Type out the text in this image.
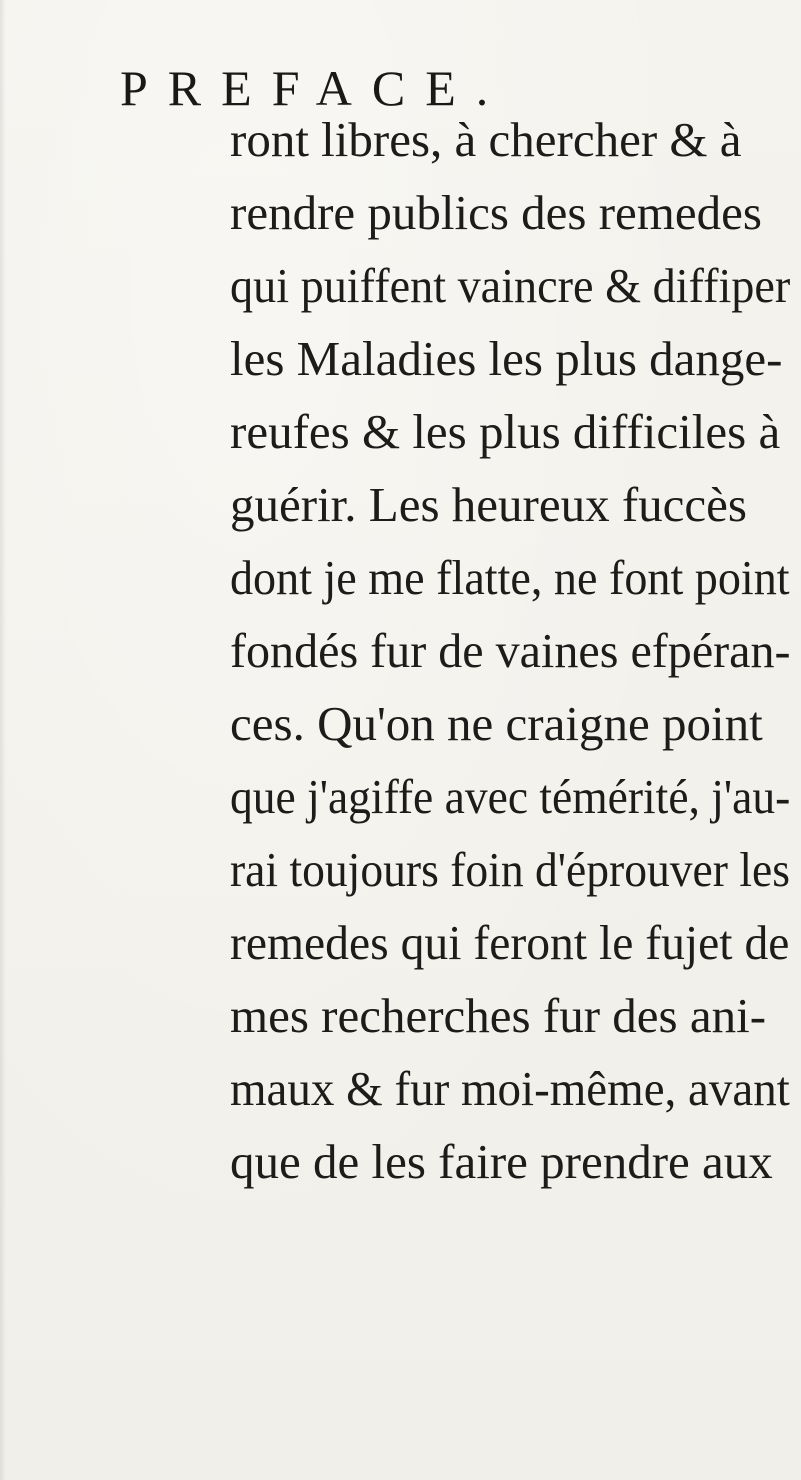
PREFACE.
ront libres, à chercher & à
rendre publics des remedes
qui puiffent vaincre & diffiper
les Maladies les plus dange-
reufes & les plus difficiles à
guérir. Les heureux fuccès
dont je me flatte, ne font point
fondés fur de vaines efpéran-
ces. Qu'on ne craigne point
que j'agiffe avec témérité, j'au-
rai toujours foin d'éprouver les
remedes qui feront le fujet de
mes recherches fur des ani-
maux & fur moi-même, avant
que de les faire prendre aux
